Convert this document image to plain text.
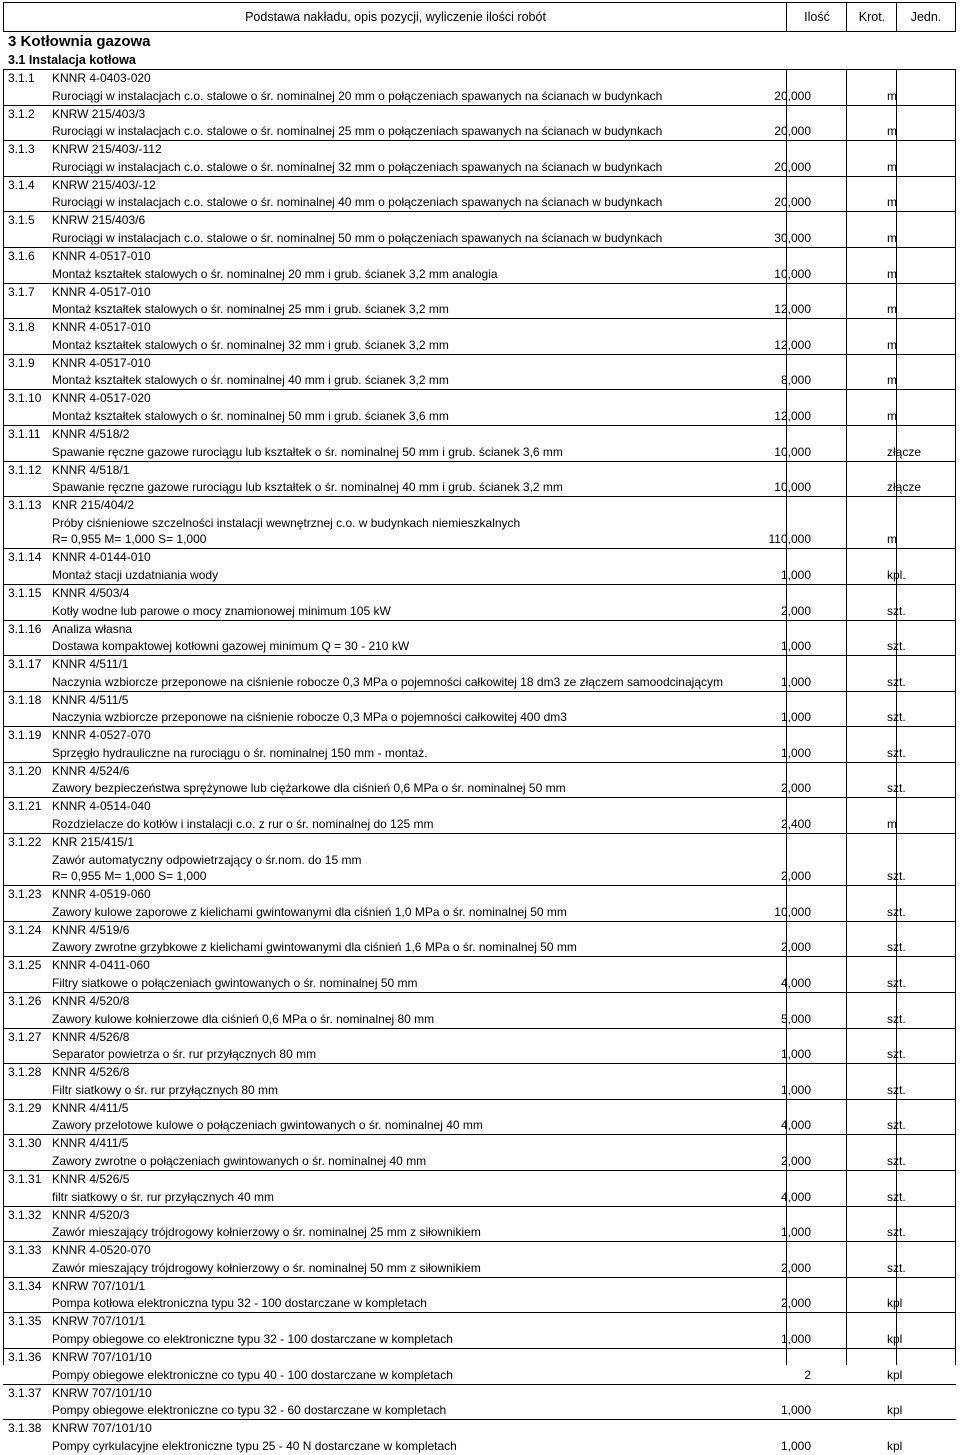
Podstawa nakładu, opis pozycji, wyliczenie ilości robót	Ilość	Krot.	Jedn.
3 Kotłownia gazowa
3.1 Instalacja kotłowa
3.1.1 KNNR 4-0403-020
Rurociągi w instalacjach c.o. stalowe o śr. nominalnej 20 mm o połączeniach spawanych na ścianach w budynkach	20,000	m
3.1.2 KNRW 215/403/3
Rurociągi w instalacjach c.o. stalowe o śr. nominalnej 25 mm o połączeniach spawanych na ścianach w budynkach	20,000	m
3.1.3 KNRW 215/403/-112
Rurociągi w instalacjach c.o. stalowe o śr. nominalnej 32 mm o połączeniach spawanych na ścianach w budynkach	20,000	m
3.1.4 KNRW 215/403/-12
Rurociągi w instalacjach c.o. stalowe o śr. nominalnej 40 mm o połączeniach spawanych na ścianach w budynkach	20,000	m
3.1.5 KNRW 215/403/6
Rurociągi w instalacjach c.o. stalowe o śr. nominalnej 50 mm o połączeniach spawanych na ścianach w budynkach	30,000	m
3.1.6 KNNR 4-0517-010
Montaż kształtek stalowych o śr. nominalnej 20 mm i grub. ścianek 3,2 mm analogia	10,000	m
3.1.7 KNNR 4-0517-010
Montaż kształtek stalowych o śr. nominalnej 25 mm i grub. ścianek 3,2 mm	12,000	m
3.1.8 KNNR 4-0517-010
Montaż kształtek stalowych o śr. nominalnej 32 mm i grub. ścianek 3,2 mm	12,000	m
3.1.9 KNNR 4-0517-010
Montaż kształtek stalowych o śr. nominalnej 40 mm i grub. ścianek 3,2 mm	8,000	m
3.1.10 KNNR 4-0517-020
Montaż kształtek stalowych o śr. nominalnej 50 mm i grub. ścianek 3,6 mm	12,000	m
3.1.11 KNNR 4/518/2
Spawanie ręczne gazowe rurociągu lub kształtek o śr. nominalnej 50 mm i grub. ścianek 3,6 mm	10,000	złącze
3.1.12 KNNR 4/518/1
Spawanie ręczne gazowe rurociągu lub kształtek o śr. nominalnej 40 mm i grub. ścianek 3,2 mm	10,000	złącze
3.1.13 KNR 215/404/2
Próby ciśnieniowe szczelności instalacji wewnętrznej c.o. w budynkach niemieszkalnych
R= 0,955 M= 1,000 S= 1,000	110,000	m
3.1.14 KNNR 4-0144-010
Montaż stacji uzdatniania wody	1,000	kpl.
3.1.15 KNNR 4/503/4
Kotły wodne lub parowe o mocy znamionowej minimum 105 kW	2,000	szt.
3.1.16 Analiza własna
Dostawa kompaktowej kotłowni gazowej minimum Q = 30 - 210 kW	1,000	szt.
3.1.17 KNNR 4/511/1
Naczynia wzbiorcze przeponowe na ciśnienie robocze 0,3 MPa o pojemności całkowitej 18 dm3 ze złączem samoodcinającym	1,000	szt.
3.1.18 KNNR 4/511/5
Naczynia wzbiorcze przeponowe na ciśnienie robocze 0,3 MPa o pojemności całkowitej 400 dm3	1,000	szt.
3.1.19 KNNR 4-0527-070
Sprzęgło hydrauliczne na rurociągu o śr. nominalnej 150 mm - montaż.	1,000	szt.
3.1.20 KNNR 4/524/6
Zawory bezpieczeństwa sprężynowe lub ciężarkowe dla ciśnień 0,6 MPa o śr. nominalnej 50 mm	2,000	szt.
3.1.21 KNNR 4-0514-040
Rozdzielacze do kotłów i instalacji c.o. z rur o śr. nominalnej do 125 mm	2,400	m
3.1.22 KNR 215/415/1
Zawór automatyczny odpowietrzający o śr.nom. do 15 mm
R= 0,955 M= 1,000 S= 1,000	2,000	szt.
3.1.23 KNNR 4-0519-060
Zawory kulowe zaporowe z kielichami gwintowanymi dla ciśnień 1,0 MPa o śr. nominalnej 50 mm	10,000	szt.
3.1.24 KNNR 4/519/6
Zawory zwrotne grzybkowe z kielichami gwintowanymi dla ciśnień 1,6 MPa o śr. nominalnej 50 mm	2,000	szt.
3.1.25 KNNR 4-0411-060
Filtry siatkowe o połączeniach gwintowanych o śr. nominalnej 50 mm	4,000	szt.
3.1.26 KNNR 4/520/8
Zawory kulowe kołnierzowe dla ciśnień 0,6 MPa o śr. nominalnej 80 mm	5,000	szt.
3.1.27 KNNR 4/526/8
Separator powietrza o śr. rur przyłącznych 80 mm	1,000	szt.
3.1.28 KNNR 4/526/8
Filtr siatkowy o śr. rur przyłącznych 80 mm	1,000	szt.
3.1.29 KNNR 4/411/5
Zawory przelotowe kulowe o połączeniach gwintowanych o śr. nominalnej 40 mm	4,000	szt.
3.1.30 KNNR 4/411/5
Zawory zwrotne o połączeniach gwintowanych o śr. nominalnej 40 mm	2,000	szt.
3.1.31 KNNR 4/526/5
filtr siatkowy o śr. rur przyłącznych 40 mm	4,000	szt.
3.1.32 KNNR 4/520/3
Zawór mieszający trójdrogowy kołnierzowy o śr. nominalnej 25 mm z siłownikiem	1,000	szt.
3.1.33 KNNR 4-0520-070
Zawór mieszający trójdrogowy kołnierzowy o śr. nominalnej 50 mm z siłownikiem	2,000	szt.
3.1.34 KNRW 707/101/1
Pompa kotłowa elektroniczna typu 32 - 100 dostarczane w kompletach	2,000	kpl
3.1.35 KNRW 707/101/1
Pompy obiegowe co elektroniczne typu 32 - 100 dostarczane w kompletach	1,000	kpl
3.1.36 KNRW 707/101/10
Pompy obiegowe elektroniczne co typu 40 - 100 dostarczane w kompletach	2	kpl
3.1.37 KNRW 707/101/10
Pompy obiegowe elektroniczne co typu 32 - 60 dostarczane w kompletach	1,000	kpl
3.1.38 KNRW 707/101/10
Pompy cyrkulacyjne elektroniczne typu 25 - 40 N dostarczane w kompletach	1,000	kpl
